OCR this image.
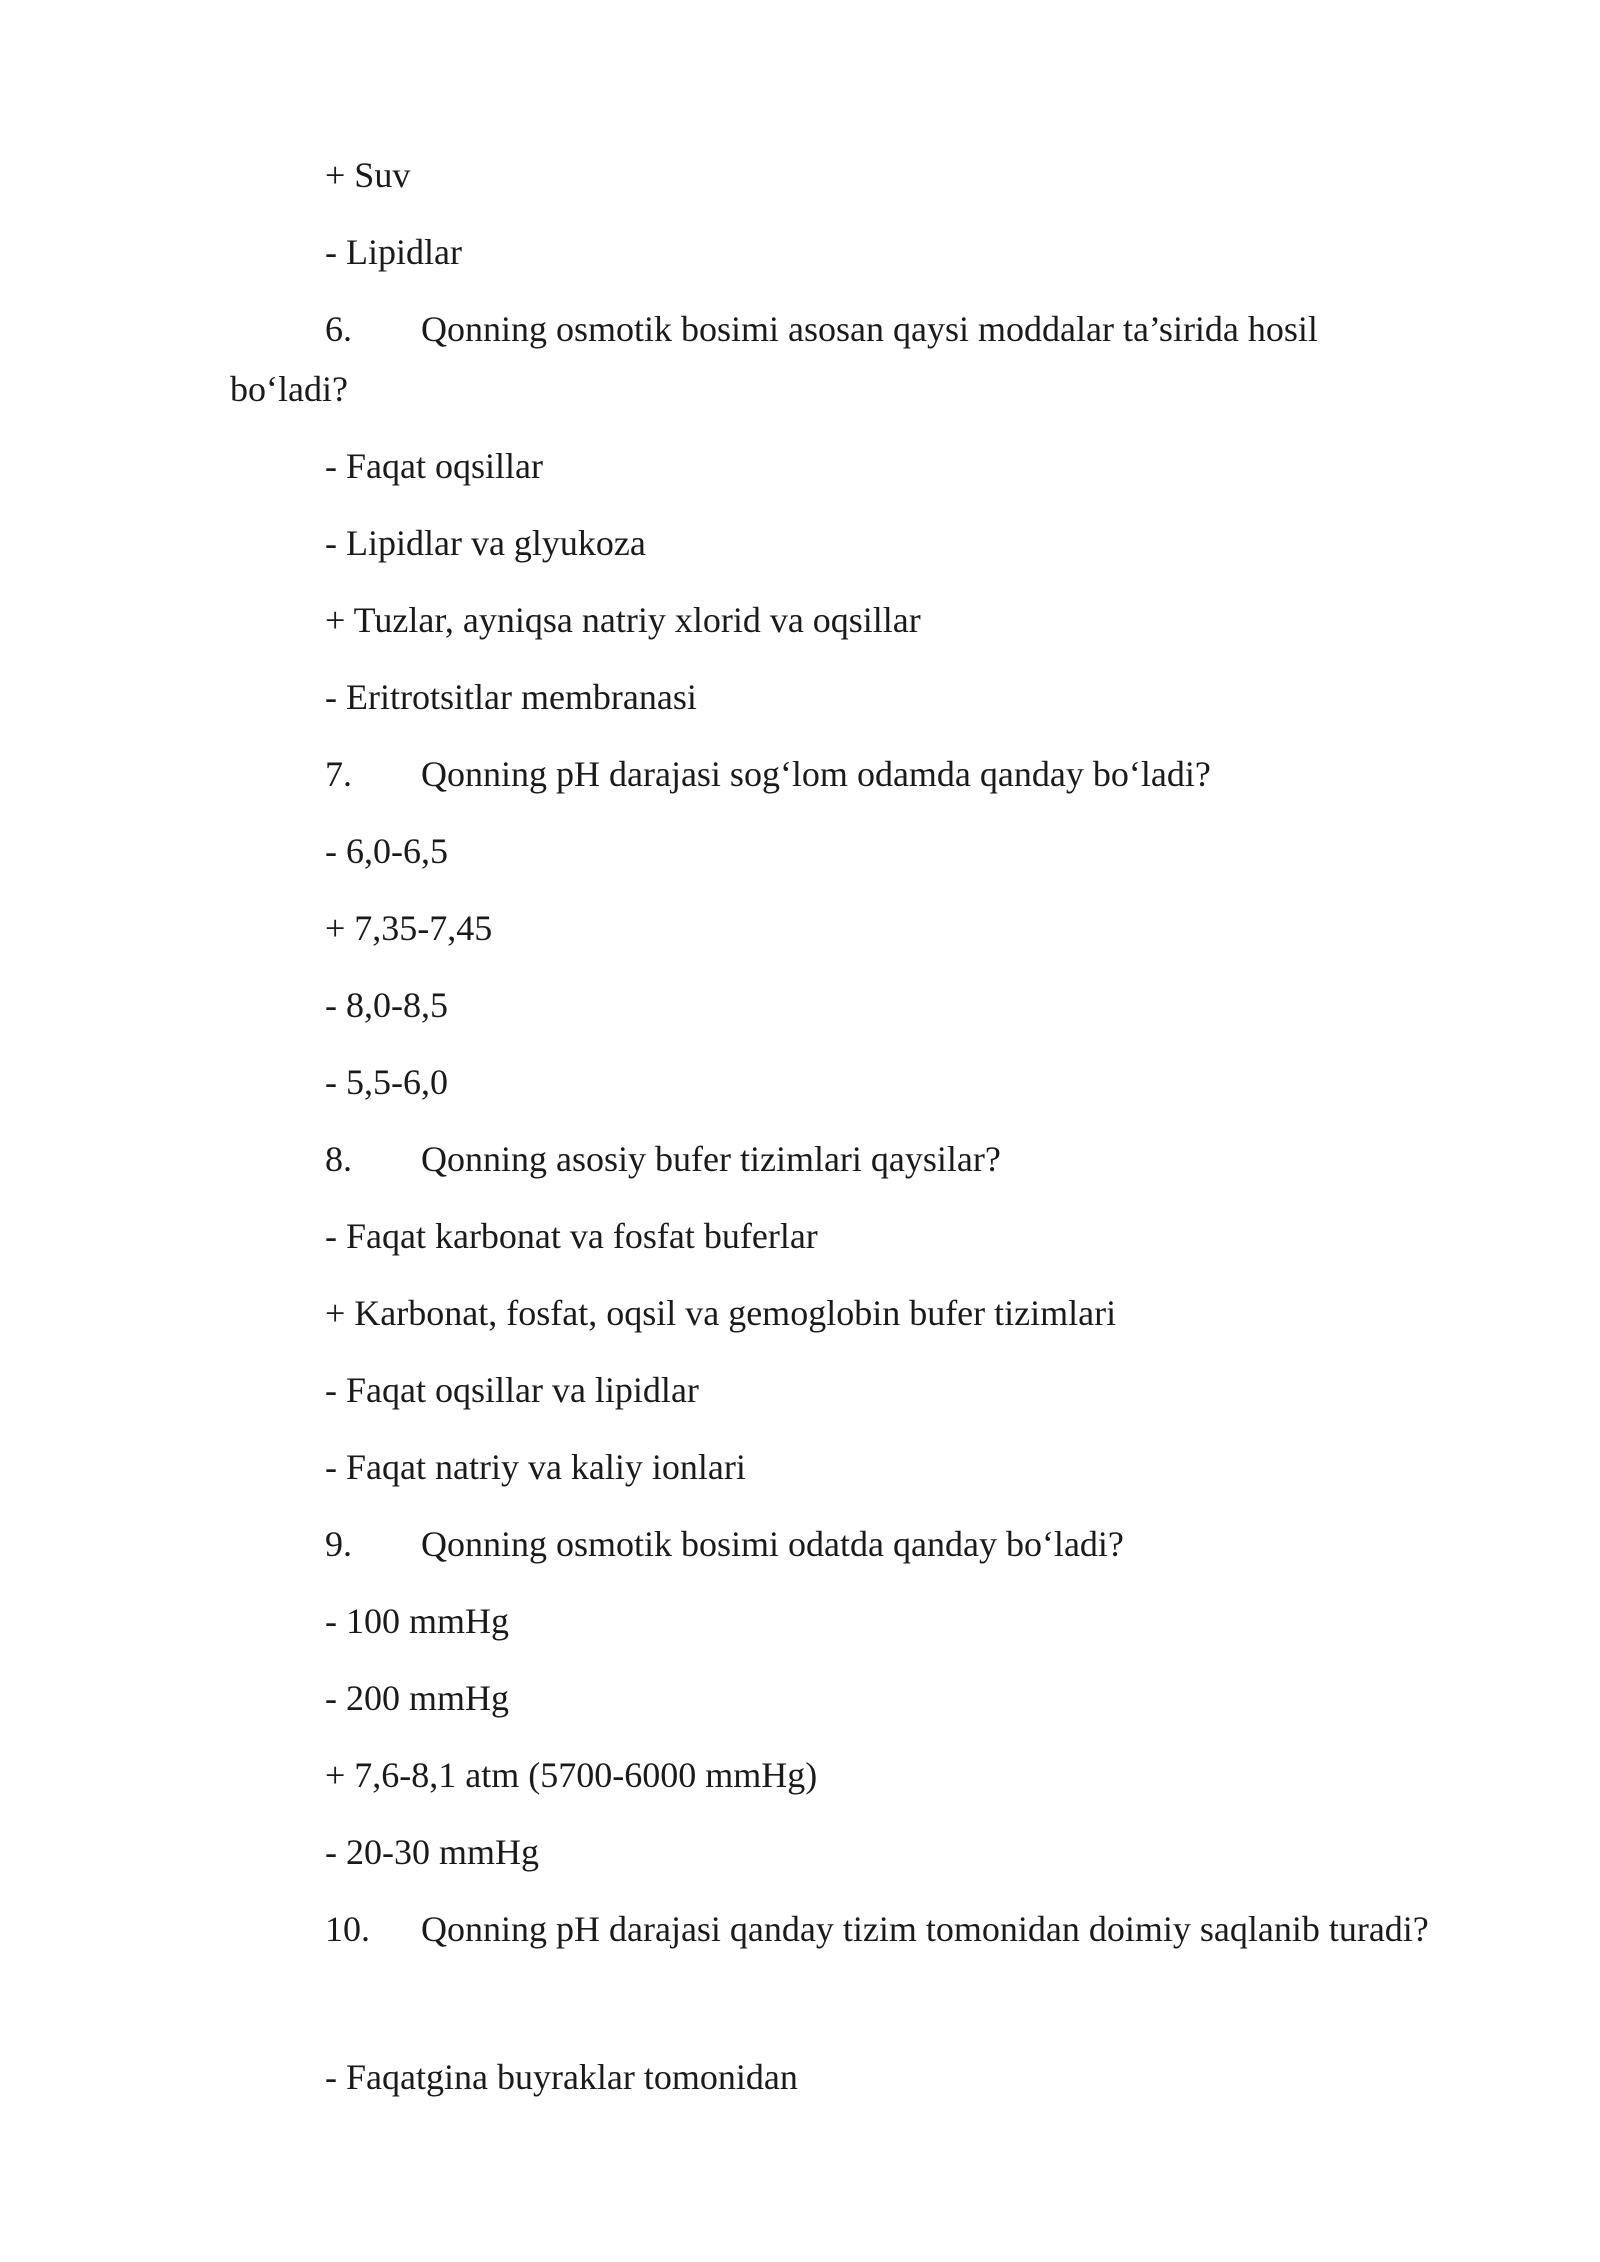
+ Suv
- Lipidlar
6. Qonning osmotik bosimi asosan qaysi moddalar ta’sirida hosil
bo‘ladi?
- Faqat oqsillar
- Lipidlar va glyukoza
+ Tuzlar, ayniqsa natriy xlorid va oqsillar
- Eritrotsitlar membranasi
7. Qonning pH darajasi sog‘lom odamda qanday bo‘ladi?
- 6,0-6,5
+ 7,35-7,45
- 8,0-8,5
- 5,5-6,0
8. Qonning asosiy bufer tizimlari qaysilar?
- Faqat karbonat va fosfat buferlar
+ Karbonat, fosfat, oqsil va gemoglobin bufer tizimlari
- Faqat oqsillar va lipidlar
- Faqat natriy va kaliy ionlari
9. Qonning osmotik bosimi odatda qanday bo‘ladi?
- 100 mmHg
- 200 mmHg
+ 7,6-8,1 atm (5700-6000 mmHg)
- 20-30 mmHg
10. Qonning pH darajasi qanday tizim tomonidan doimiy saqlanib turadi?
- Faqatgina buyraklar tomonidan
